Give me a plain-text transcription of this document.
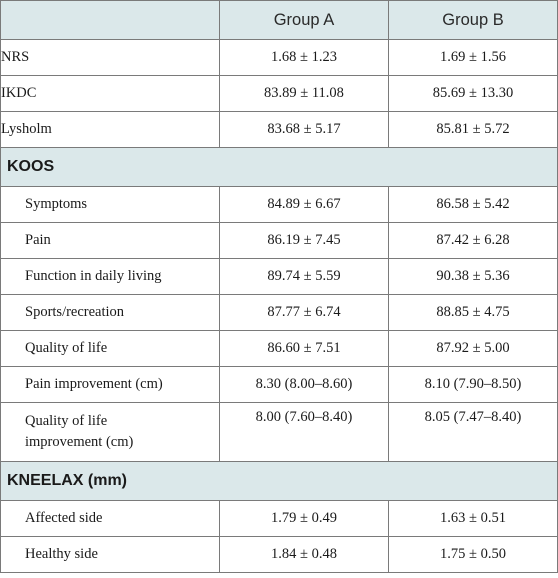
	Group A	Group B		
NRS	1.68 ± 1.23	1.69 ± 1.56		
IKDC	83.89 ± 11.08	85.69 ± 13.30		
Lysholm	83.68 ± 5.17	85.81 ± 5.72		
KOOS			
Symptoms	84.89 ± 6.67	86.58 ± 5.42		
Pain	86.19 ± 7.45	87.42 ± 6.28		
Function in daily living	89.74 ± 5.59	90.38 ± 5.36		
Sports/recreation	87.77 ± 6.74	88.85 ± 4.75		
Quality of life	86.60 ± 7.51	87.92 ± 5.00		
Pain improvement (cm)	8.30 (8.00–8.60)	8.10 (7.90–8.50)		
Quality of life
improvement (cm)	8.00 (7.60–8.40)	8.05 (7.47–8.40)		
KNEELAX (mm)			
Affected side	1.79 ± 0.49	1.63 ± 0.51		
Healthy side	1.84 ± 0.48	1.75 ± 0.50		
